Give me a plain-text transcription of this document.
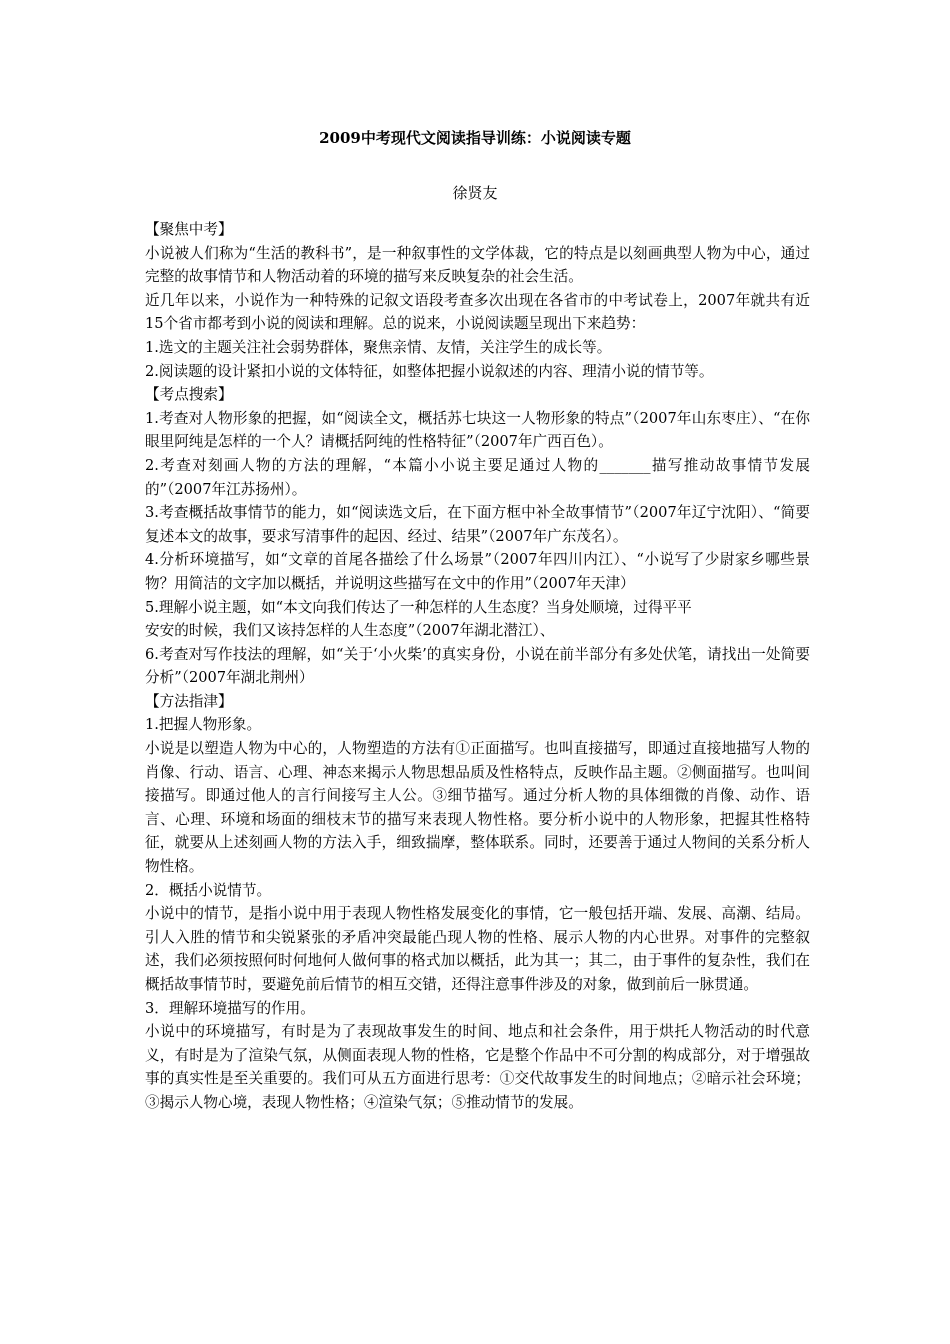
2009中考现代文阅读指导训练：小说阅读专题
徐贤友

【聚焦中考】

小说被人们称为“生活的教科书”，是一种叙事性的文学体裁，它的特点是以刻画典型人物为中心，通过完整的故事情节和人物活动着的环境的描写来反映复杂的社会生活。

近几年以来，小说作为一种特殊的记叙文语段考查多次出现在各省市的中考试卷上，2007年就共有近15个省市都考到小说的阅读和理解。总的说来，小说阅读题呈现出下来趋势：

1.选文的主题关注社会弱势群体，聚焦亲情、友情，关注学生的成长等。

2.阅读题的设计紧扣小说的文体特征，如整体把握小说叙述的内容、理清小说的情节等。

【考点搜索】

1.考查对人物形象的把握，如“阅读全文，概括苏七块这一人物形象的特点”（2007年山东枣庄）、“在你眼里阿纯是怎样的一个人？请概括阿纯的性格特征”（2007年广西百色）。

2.考查对刻画人物的方法的理解，“本篇小小说主要足通过人物的_______描写推动故事情节发展的”（2007年江苏扬州）。

3.考查概括故事情节的能力，如“阅读选文后，在下面方框中补全故事情节”（2007年辽宁沈阳）、“简要复述本文的故事，要求写清事件的起因、经过、结果”（2007年广东茂名）。

4.分析环境描写，如“文章的首尾各描绘了什么场景”（2007年四川内江）、“小说写了少尉家乡哪些景物？用简洁的文字加以概括，并说明这些描写在文中的作用”（2007年天津）

5.理解小说主题，如“本文向我们传达了一种怎样的人生态度？当身处顺境，过得平平

安安的时候，我们又该持怎样的人生态度”（2007年湖北潜江）、

6.考查对写作技法的理解，如“关于‘小火柴’的真实身份，小说在前半部分有多处伏笔，请找出一处简要分析”（2007年湖北荆州）

【方法指津】

1.把握人物形象。

小说是以塑造人物为中心的，人物塑造的方法有①正面描写。也叫直接描写，即通过直接地描写人物的肖像、行动、语言、心理、神态来揭示人物思想品质及性格特点，反映作品主题。②侧面描写。也叫间接描写。即通过他人的言行间接写主人公。③细节描写。通过分析人物的具体细微的肖像、动作、语言、心理、环境和场面的细枝末节的描写来表现人物性格。要分析小说中的人物形象，把握其性格特征，就要从上述刻画人物的方法入手，细致揣摩，整体联系。同时，还要善于通过人物间的关系分析人物性格。

2．概括小说情节。

小说中的情节，是指小说中用于表现人物性格发展变化的事情，它一般包括开端、发展、高潮、结局。引人入胜的情节和尖锐紧张的矛盾冲突最能凸现人物的性格、展示人物的内心世界。对事件的完整叙述，我们必须按照何时何地何人做何事的格式加以概括，此为其一；其二，由于事件的复杂性，我们在概括故事情节时，要避免前后情节的相互交错，还得注意事件涉及的对象，做到前后一脉贯通。

3．理解环境描写的作用。

小说中的环境描写，有时是为了表现故事发生的时间、地点和社会条件，用于烘托人物活动的时代意义，有时是为了渲染气氛，从侧面表现人物的性格，它是整个作品中不可分割的构成部分，对于增强故事的真实性是至关重要的。我们可从五方面进行思考：①交代故事发生的时间地点；②暗示社会环境；③揭示人物心境，表现人物性格；④渲染气氛；⑤推动情节的发展。
